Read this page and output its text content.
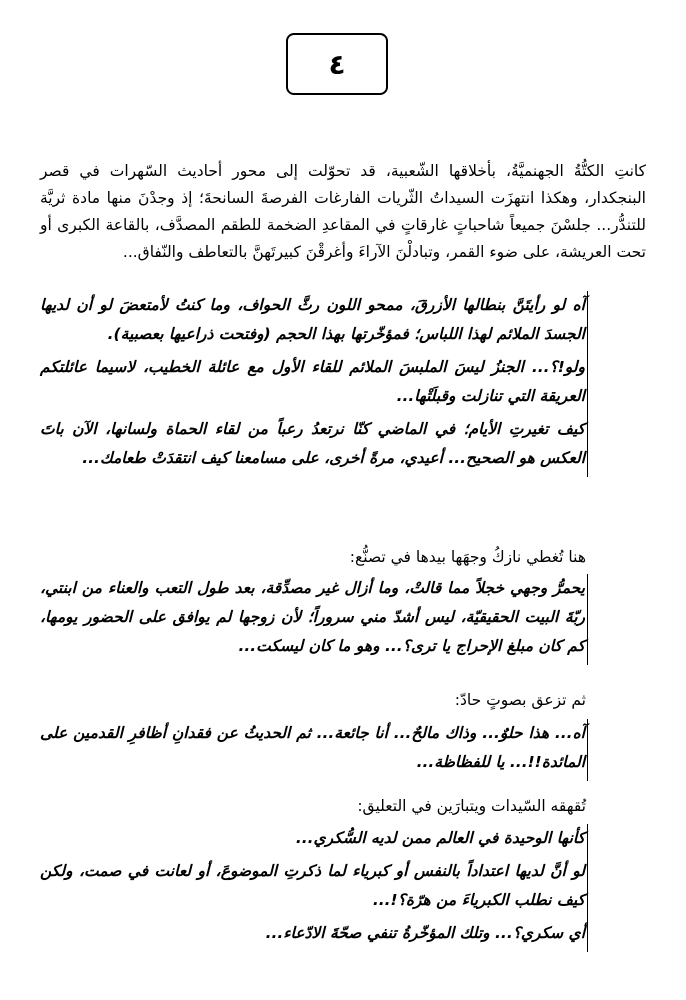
٤

كانتِ الكتُّةُ الجهنميَّةُ، بأخلاقها الشّعبية، قد تحوّلت إلى محور أحاديث السّهرات في قصر البنجكدار، وهكذا انتهزَت السيداتُ الثّريات الفارغات الفرصةَ السانحةَ؛ إذ وجدْنَ منها مادة ثريَّة للتندُّر... جلسْنَ جميعاً شاحباتٍ غارقاتٍ في المقاعدِ الضخمة للطقم المصدَّف، بالقاعة الكبرى أو تحت العريشة، على ضوء القمر، وتبادلْنَ الآراءَ وأغرقْنَ كبيرتَهنَّ بالتعاطف والنّفاق...

آه لو رأيتَنَّ بنطالها الأزرقَ، ممحو اللون رثَّ الحواف، وما كنتُ لأمتعضَ لو أن لديها الجسدَ الملائم لهذا اللباس؛ فمؤخّرتها بهذا الحجم (وفتحت ذراعيها بعصبية).

ولو!؟... الجنزُ ليسَ الملبسَ الملائم للقاء الأول مع عائلة الخطيب، لاسيما عائلتكم العريقة التي تنازلت وقبلَتْها...

كيف تغيرتِ الأيام؛ في الماضي كنّا نرتعدُ رعباً من لقاء الحماة ولسانها، الآن باتَ العكس هو الصحيح... أعيدي، مرةً أخرى، على مسامعنا كيف انتقدَتْ طعامك...

هنا تُغطي نازكُ وجهَها بيدها في تصنُّع:

يحمرُّ وجهي خجلاً مما قالتْ، وما أزال غير مصدِّقة، بعد طول التعب والعناء من ابنتي، ربّةَ البيت الحقيقيّة، ليس أشدّ مني سروراً؛ لأن زوجها لم يوافق على الحضور يومها، كم كان مبلغ الإحراج يا ترى؟... وهو ما كان ليسكت...

ثم تزعق بصوتٍ حادّ:

آه... هذا حلوٌ... وذاك مالحٌ... أنا جائعة... ثم الحديثُ عن فقدانِ أظافرِ القدمين على المائدة!!... يا للفظاظة...

تُقهقه السّيدات ويتبارَين في التعليق:

كأنها الوحيدة في العالم ممن لديه السُّكري...

لو أنَّ لديها اعتداداً بالنفس أو كبرياء لما ذكرتِ الموضوعَ، أو لعانت في صمت، ولكن كيف نطلب الكبرياءَ من هرّة؟!...

أي سكري؟... وتلك المؤخّرةُ تنفي صحّةَ الادّعاء...
